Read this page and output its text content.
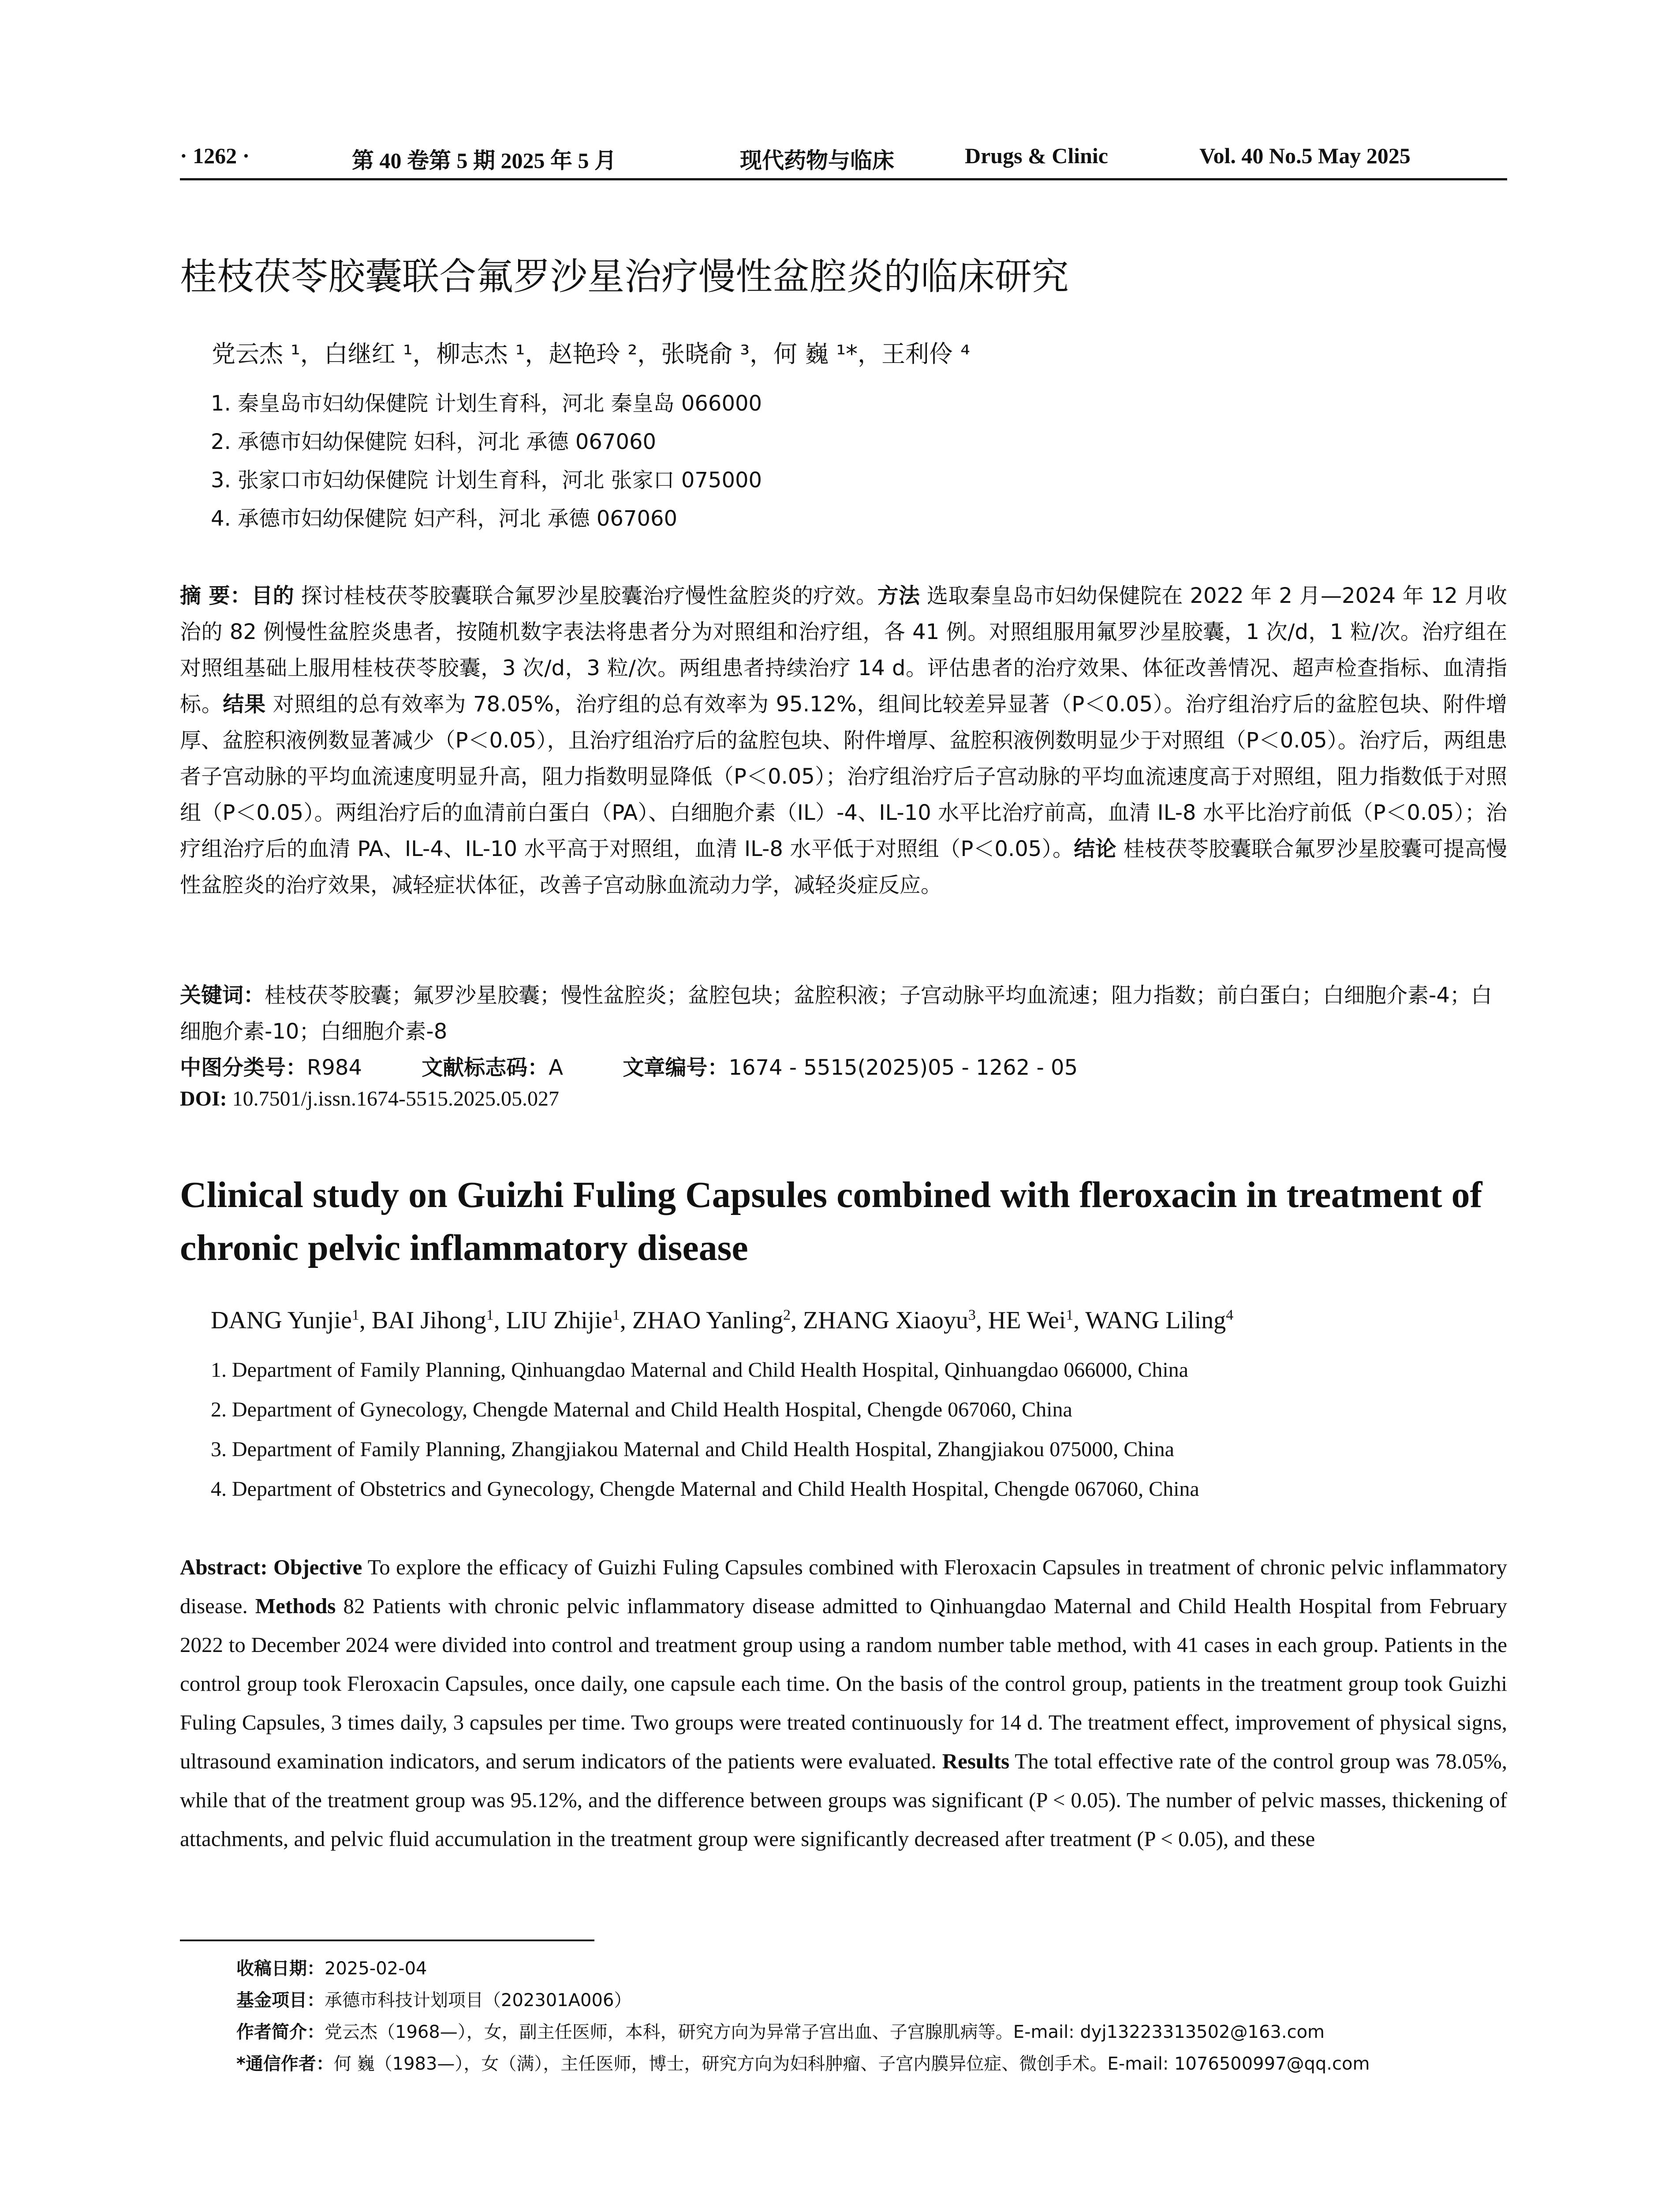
· 1262 ·	第 40 卷第 5 期 2025 年 5 月	现代药物与临床	Drugs & Clinic	Vol. 40 No.5 May 2025
桂枝茯苓胶囊联合氟罗沙星治疗慢性盆腔炎的临床研究
党云杰 ¹，白继红 ¹，柳志杰 ¹，赵艳玲 ²，张晓俞 ³，何 巍 ¹*，王利伶 ⁴
1. 秦皇岛市妇幼保健院 计划生育科，河北 秦皇岛 066000
2. 承德市妇幼保健院 妇科，河北 承德 067060
3. 张家口市妇幼保健院 计划生育科，河北 张家口 075000
4. 承德市妇幼保健院 妇产科，河北 承德 067060
摘 要：目的 探讨桂枝茯苓胶囊联合氟罗沙星胶囊治疗慢性盆腔炎的疗效。方法 选取秦皇岛市妇幼保健院在 2022 年 2 月—2024 年 12 月收治的 82 例慢性盆腔炎患者，按随机数字表法将患者分为对照组和治疗组，各 41 例。对照组服用氟罗沙星胶囊，1 次/d，1 粒/次。治疗组在对照组基础上服用桂枝茯苓胶囊，3 次/d，3 粒/次。两组患者持续治疗 14 d。评估患者的治疗效果、体征改善情况、超声检查指标、血清指标。结果 对照组的总有效率为 78.05%，治疗组的总有效率为 95.12%，组间比较差异显著（P＜0.05）。治疗组治疗后的盆腔包块、附件增厚、盆腔积液例数显著减少（P＜0.05），且治疗组治疗后的盆腔包块、附件增厚、盆腔积液例数明显少于对照组（P＜0.05）。治疗后，两组患者子宫动脉的平均血流速度明显升高，阻力指数明显降低（P＜0.05）；治疗组治疗后子宫动脉的平均血流速度高于对照组，阻力指数低于对照组（P＜0.05）。两组治疗后的血清前白蛋白（PA）、白细胞介素（IL）-4、IL-10 水平比治疗前高，血清 IL-8 水平比治疗前低（P＜0.05）；治疗组治疗后的血清 PA、IL-4、IL-10 水平高于对照组，血清 IL-8 水平低于对照组（P＜0.05）。结论 桂枝茯苓胶囊联合氟罗沙星胶囊可提高慢性盆腔炎的治疗效果，减轻症状体征，改善子宫动脉血流动力学，减轻炎症反应。
关键词：桂枝茯苓胶囊；氟罗沙星胶囊；慢性盆腔炎；盆腔包块；盆腔积液；子宫动脉平均血流速；阻力指数；前白蛋白；白细胞介素-4；白细胞介素-10；白细胞介素-8
中图分类号：R984	文献标志码：A	文章编号：1674 - 5515(2025)05 - 1262 - 05
DOI: 10.7501/j.issn.1674-5515.2025.05.027
Clinical study on Guizhi Fuling Capsules combined with fleroxacin in treatment of chronic pelvic inflammatory disease
DANG Yunjie$^1$, BAI Jihong$^1$, LIU Zhijie$^1$, ZHAO Yanling$^2$, ZHANG Xiaoyu$^3$, HE Wei$^1$, WANG Liling$^4$
1. Department of Family Planning, Qinhuangdao Maternal and Child Health Hospital, Qinhuangdao 066000, China
2. Department of Gynecology, Chengde Maternal and Child Health Hospital, Chengde 067060, China
3. Department of Family Planning, Zhangjiakou Maternal and Child Health Hospital, Zhangjiakou 075000, China
4. Department of Obstetrics and Gynecology, Chengde Maternal and Child Health Hospital, Chengde 067060, China
Abstract: Objective To explore the efficacy of Guizhi Fuling Capsules combined with Fleroxacin Capsules in treatment of chronic pelvic inflammatory disease. Methods 82 Patients with chronic pelvic inflammatory disease admitted to Qinhuangdao Maternal and Child Health Hospital from February 2022 to December 2024 were divided into control and treatment group using a random number table method, with 41 cases in each group. Patients in the control group took Fleroxacin Capsules, once daily, one capsule each time. On the basis of the control group, patients in the treatment group took Guizhi Fuling Capsules, 3 times daily, 3 capsules per time. Two groups were treated continuously for 14 d. The treatment effect, improvement of physical signs, ultrasound examination indicators, and serum indicators of the patients were evaluated. Results The total effective rate of the control group was 78.05%, while that of the treatment group was 95.12%, and the difference between groups was significant (P < 0.05). The number of pelvic masses, thickening of attachments, and pelvic fluid accumulation in the treatment group were significantly decreased after treatment (P < 0.05), and these
收稿日期：2025-02-04
基金项目：承德市科技计划项目（202301A006）
作者简介：党云杰（1968—），女，副主任医师，本科，研究方向为异常子宫出血、子宫腺肌病等。E-mail: dyj13223313502@163.com
*通信作者：何 巍（1983—），女（满），主任医师，博士，研究方向为妇科肿瘤、子宫内膜异位症、微创手术。E-mail: 1076500997@qq.com
